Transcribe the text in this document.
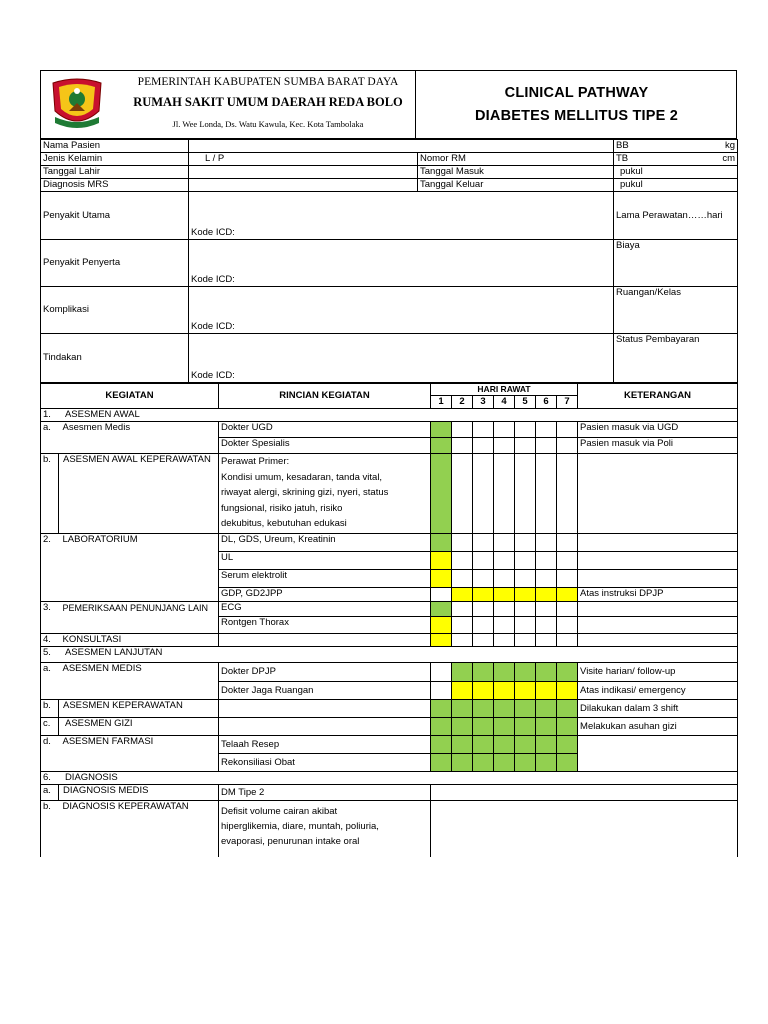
PEMERINTAH KABUPATEN SUMBA BARAT DAYA
RUMAH SAKIT UMUM DAERAH REDA BOLO
Jl. Wee Londa, Ds. Watu Kawula, Kec. Kota Tambolaka
CLINICAL PATHWAY
DIABETES MELLITUS TIPE 2
Nama Pasien			BB kg

Jenis Kelamin	L / P	Nomor RM	TB cm

Tanggal Lahir		Tanggal Masuk	pukul
Diagnosis MRS		Tanggal Keluar	pukul
Penyakit Utama	Kode ICD:		Lama Perawatan……hari
Penyakit Penyerta	Kode ICD:		Biaya
Komplikasi	Kode ICD:		Ruangan/Kelas
Tindakan	Kode ICD:		Status Pembayaran
KEGIATAN		RINCIAN KEGIATAN	HARI RAWAT							KETERANGAN
			1	2	3	4	5	6	7	
1. ASESMEN AWAL										
a.	Asesmen Medis	Dokter UGD								Pasien masuk via UGD
		Dokter Spesialis								Pasien masuk via Poli
b.	ASESMEN AWAL KEPERAWATAN	Perawat Primer:
Kondisi umum, kesadaran, tanda vital,
riwayat alergi, skrining gizi, nyeri, status
fungsional, risiko jatuh, risiko
dekubitus, kebutuhan edukasi								

2.	LABORATORIUM	DL, GDS, Ureum, Kreatinin								
		UL								
		Serum elektrolit								
		GDP, GD2JPP								Atas instruksi DPJP
3.	PEMERIKSAAN PENUNJANG LAIN	ECG								
		Rontgen Thorax								
4.	KONSULTASI									
5. ASESMEN LANJUTAN										
a.	ASESMEN MEDIS	Dokter DPJP								Visite harian/ follow-up
		Dokter Jaga Ruangan								Atas indikasi/ emergency
b.	ASESMEN KEPERAWATAN									Dilakukan dalam 3 shift
c.	ASESMEN GIZI									Melakukan asuhan gizi
d.	ASESMEN FARMASI	Telaah Resep								
		Rekonsiliasi Obat								
6. DIAGNOSIS										
a.	DIAGNOSIS MEDIS	DM Tipe 2								
b.	DIAGNOSIS KEPERAWATAN	Defisit volume cairan akibat
hiperglikemia, diare, muntah, poliuria,
evaporasi, penurunan intake oral								
